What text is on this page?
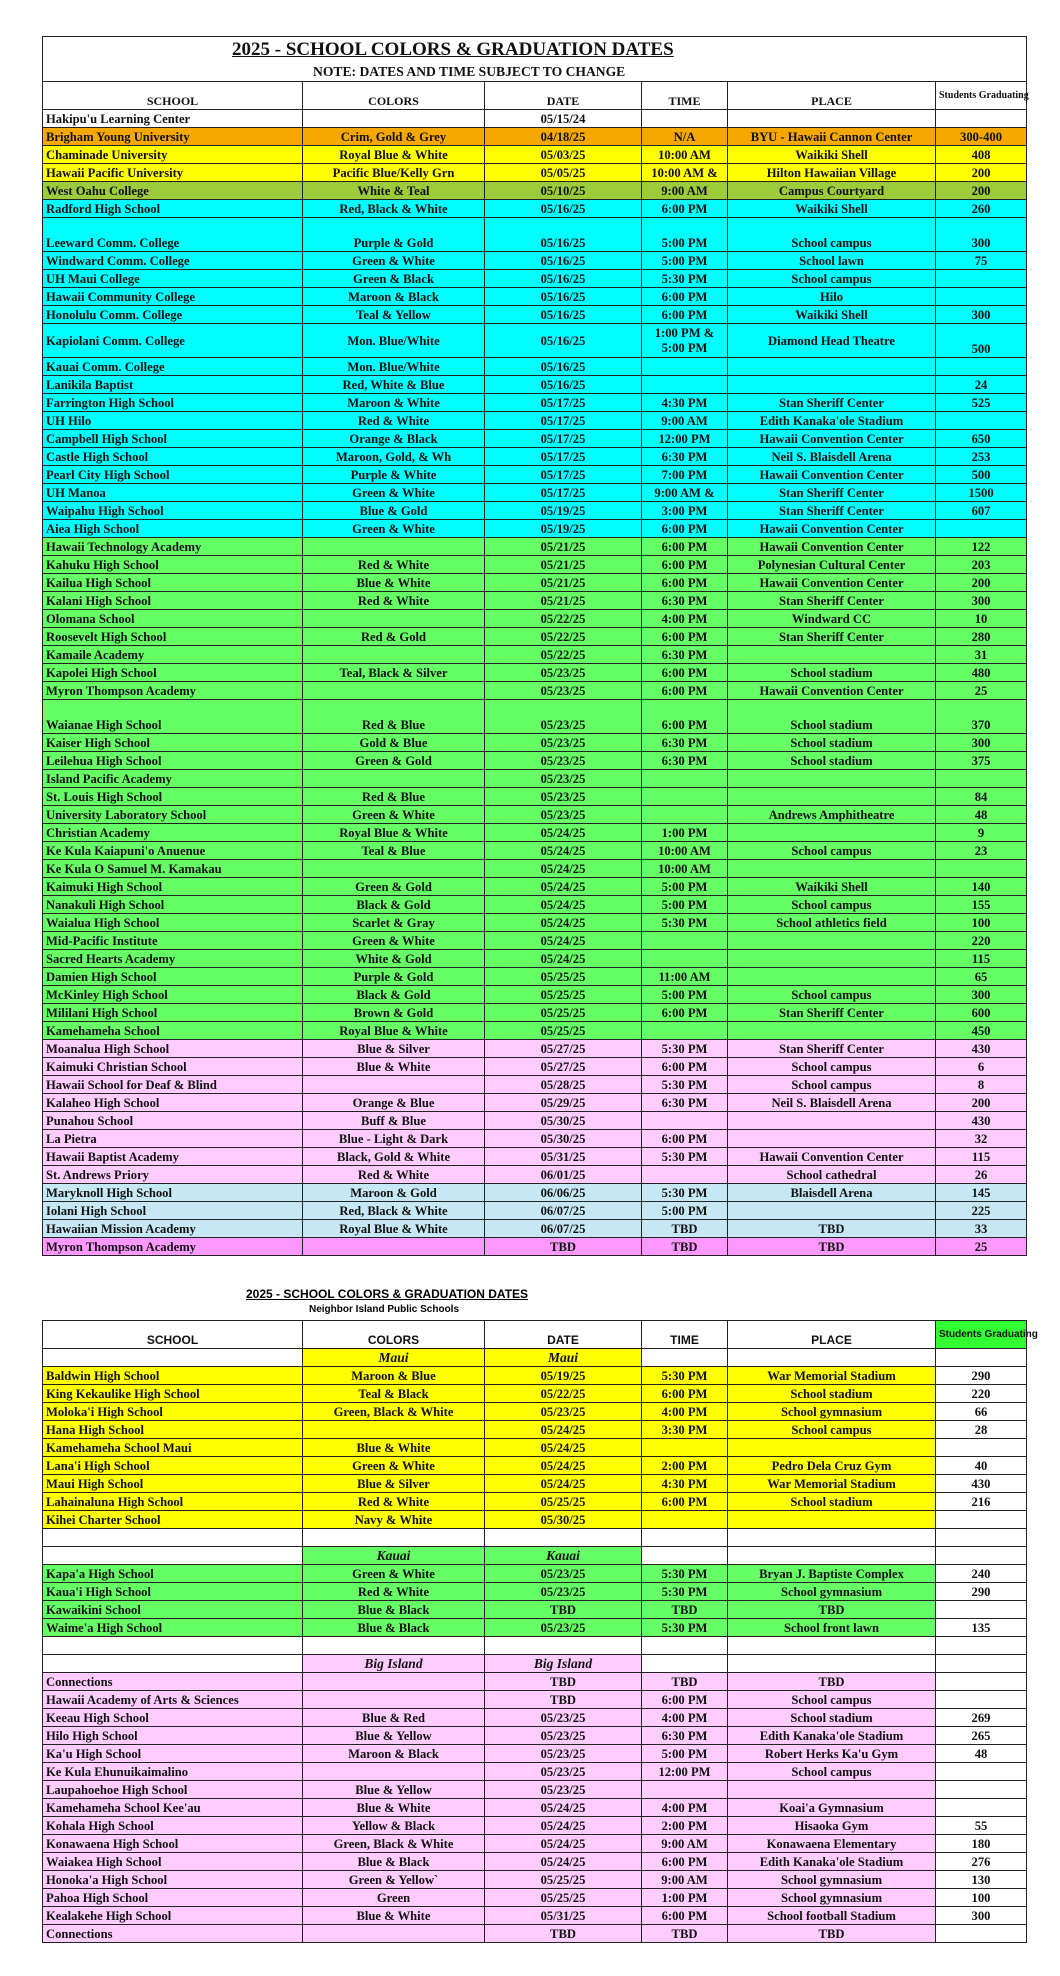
2025 - SCHOOL COLORS & GRADUATION DATES					
NOTE: DATES AND TIME SUBJECT TO CHANGE					
SCHOOL	COLORS	DATE	TIME	PLACE	Students Graduating
Hakipu'u Learning Center		05/15/24			
Brigham Young University	Crim, Gold & Grey	04/18/25	N/A	BYU - Hawaii Cannon Center	300-400
Chaminade University	Royal Blue & White	05/03/25	10:00 AM	Waikiki Shell	408
Hawaii Pacific University	Pacific Blue/Kelly Grn	05/05/25	10:00 AM &	Hilton Hawaiian Village	200
West Oahu College	White & Teal	05/10/25	9:00 AM	Campus Courtyard	200
Radford High School	Red, Black & White	05/16/25	6:00 PM	Waikiki Shell	260
Leeward Comm. College	Purple & Gold	05/16/25	5:00 PM	School campus	300
Windward Comm. College	Green & White	05/16/25	5:00 PM	School lawn	75
UH Maui College	Green & Black	05/16/25	5:30 PM	School campus	
Hawaii Community College	Maroon & Black	05/16/25	6:00 PM	Hilo	
Honolulu Comm. College	Teal & Yellow	05/16/25	6:00 PM	Waikiki Shell	300
Kapiolani Comm. College	Mon. Blue/White	05/16/25	1:00 PM & 5:00 PM	Diamond Head Theatre	500
Kauai Comm. College	Mon. Blue/White	05/16/25			
Lanikila Baptist	Red, White & Blue	05/16/25			24
Farrington High School	Maroon & White	05/17/25	4:30 PM	Stan Sheriff Center	525
UH Hilo	Red & White	05/17/25	9:00 AM	Edith Kanaka'ole Stadium	
Campbell High School	Orange & Black	05/17/25	12:00 PM	Hawaii Convention Center	650
Castle High School	Maroon, Gold, & Wh	05/17/25	6:30 PM	Neil S. Blaisdell Arena	253
Pearl City High School	Purple & White	05/17/25	7:00 PM	Hawaii Convention Center	500
UH Manoa	Green & White	05/17/25	9:00 AM &	Stan Sheriff Center	1500
Waipahu High School	Blue & Gold	05/19/25	3:00 PM	Stan Sheriff Center	607
Aiea High School	Green & White	05/19/25	6:00 PM	Hawaii Convention Center	
Hawaii Technology Academy		05/21/25	6:00 PM	Hawaii Convention Center	122
Kahuku High School	Red & White	05/21/25	6:00 PM	Polynesian Cultural Center	203
Kailua High School	Blue & White	05/21/25	6:00 PM	Hawaii Convention Center	200
Kalani High School	Red & White	05/21/25	6:30 PM	Stan Sheriff Center	300
Olomana School		05/22/25	4:00 PM	Windward CC	10
Roosevelt High School	Red & Gold	05/22/25	6:00 PM	Stan Sheriff Center	280
Kamaile Academy		05/22/25	6:30 PM		31
Kapolei High School	Teal, Black & Silver	05/23/25	6:00 PM	School stadium	480
Myron Thompson Academy		05/23/25	6:00 PM	Hawaii Convention Center	25
Waianae High School	Red & Blue	05/23/25	6:00 PM	School stadium	370
Kaiser High School	Gold & Blue	05/23/25	6:30 PM	School stadium	300
Leilehua High School	Green & Gold	05/23/25	6:30 PM	School stadium	375
Island Pacific Academy		05/23/25			
St. Louis High School	Red & Blue	05/23/25			84
University Laboratory School	Green & White	05/23/25		Andrews Amphitheatre	48
Christian Academy	Royal Blue & White	05/24/25	1:00 PM		9
Ke Kula Kaiapuni'o Anuenue	Teal & Blue	05/24/25	10:00 AM	School campus	23
Ke Kula O Samuel M. Kamakau		05/24/25	10:00 AM		
Kaimuki High School	Green & Gold	05/24/25	5:00 PM	Waikiki Shell	140
Nanakuli High School	Black & Gold	05/24/25	5:00 PM	School campus	155
Waialua High School	Scarlet & Gray	05/24/25	5:30 PM	School athletics field	100
Mid-Pacific Institute	Green & White	05/24/25			220
Sacred Hearts Academy	White & Gold	05/24/25			115
Damien High School	Purple & Gold	05/25/25	11:00 AM		65
McKinley High School	Black & Gold	05/25/25	5:00 PM	School campus	300
Mililani High School	Brown & Gold	05/25/25	6:00 PM	Stan Sheriff Center	600
Kamehameha School	Royal Blue & White	05/25/25			450
Moanalua High School	Blue & Silver	05/27/25	5:30 PM	Stan Sheriff Center	430
Kaimuki Christian School	Blue & White	05/27/25	6:00 PM	School campus	6
Hawaii School for Deaf & Blind		05/28/25	5:30 PM	School campus	8
Kalaheo High School	Orange & Blue	05/29/25	6:30 PM	Neil S. Blaisdell Arena	200
Punahou School	Buff & Blue	05/30/25			430
La Pietra	Blue - Light & Dark	05/30/25	6:00 PM		32
Hawaii Baptist Academy	Black, Gold & White	05/31/25	5:30 PM	Hawaii Convention Center	115
St. Andrews Priory	Red & White	06/01/25		School cathedral	26
Maryknoll High School	Maroon & Gold	06/06/25	5:30 PM	Blaisdell Arena	145
Iolani High School	Red, Black & White	06/07/25	5:00 PM		225
Hawaiian Mission Academy	Royal Blue & White	06/07/25	TBD	TBD	33
Myron Thompson Academy		TBD	TBD	TBD	25
2025 - SCHOOL COLORS & GRADUATION DATES
Neighbor Island Public Schools
SCHOOL	COLORS	DATE	TIME	PLACE	Students Graduating
	Maui	Maui			
Baldwin High School	Maroon & Blue	05/19/25	5:30 PM	War Memorial Stadium	290
King Kekaulike High School	Teal & Black	05/22/25	6:00 PM	School stadium	220
Moloka'i High School	Green, Black & White	05/23/25	4:00 PM	School gymnasium	66
Hana High School		05/24/25	3:30 PM	School campus	28
Kamehameha School Maui	Blue & White	05/24/25			
Lana'i High School	Green & White	05/24/25	2:00 PM	Pedro Dela Cruz Gym	40
Maui High School	Blue & Silver	05/24/25	4:30 PM	War Memorial Stadium	430
Lahainaluna High School	Red & White	05/25/25	6:00 PM	School stadium	216
Kihei Charter School	Navy & White	05/30/25			

	Kauai	Kauai			
Kapa'a High School	Green & White	05/23/25	5:30 PM	Bryan J. Baptiste Complex	240
Kaua'i High School	Red & White	05/23/25	5:30 PM	School gymnasium	290
Kawaikini School	Blue & Black	TBD	TBD	TBD	
Waime'a High School	Blue & Black	05/23/25	5:30 PM	School front lawn	135

	Big Island	Big Island			
Connections		TBD	TBD	TBD	
Hawaii Academy of Arts & Sciences		TBD	6:00 PM	School campus	
Keeau High School	Blue & Red	05/23/25	4:00 PM	School stadium	269
Hilo High School	Blue & Yellow	05/23/25	6:30 PM	Edith Kanaka'ole Stadium	265
Ka'u High School	Maroon & Black	05/23/25	5:00 PM	Robert Herks Ka'u Gym	48
Ke Kula Ehunuikaimalino		05/23/25	12:00 PM	School campus	
Laupahoehoe High School	Blue & Yellow	05/23/25			
Kamehameha School Kee'au	Blue & White	05/24/25	4:00 PM	Koai'a Gymnasium	
Kohala High School	Yellow & Black	05/24/25	2:00 PM	Hisaoka Gym	55
Konawaena High School	Green, Black & White	05/24/25	9:00 AM	Konawaena Elementary	180
Waiakea High School	Blue & Black	05/24/25	6:00 PM	Edith Kanaka'ole Stadium	276
Honoka'a High School	Green & Yellow`	05/25/25	9:00 AM	School gymnasium	130
Pahoa High School	Green	05/25/25	1:00 PM	School gymnasium	100
Kealakehe High School	Blue & White	05/31/25	6:00 PM	School football Stadium	300
Connections		TBD	TBD	TBD	
